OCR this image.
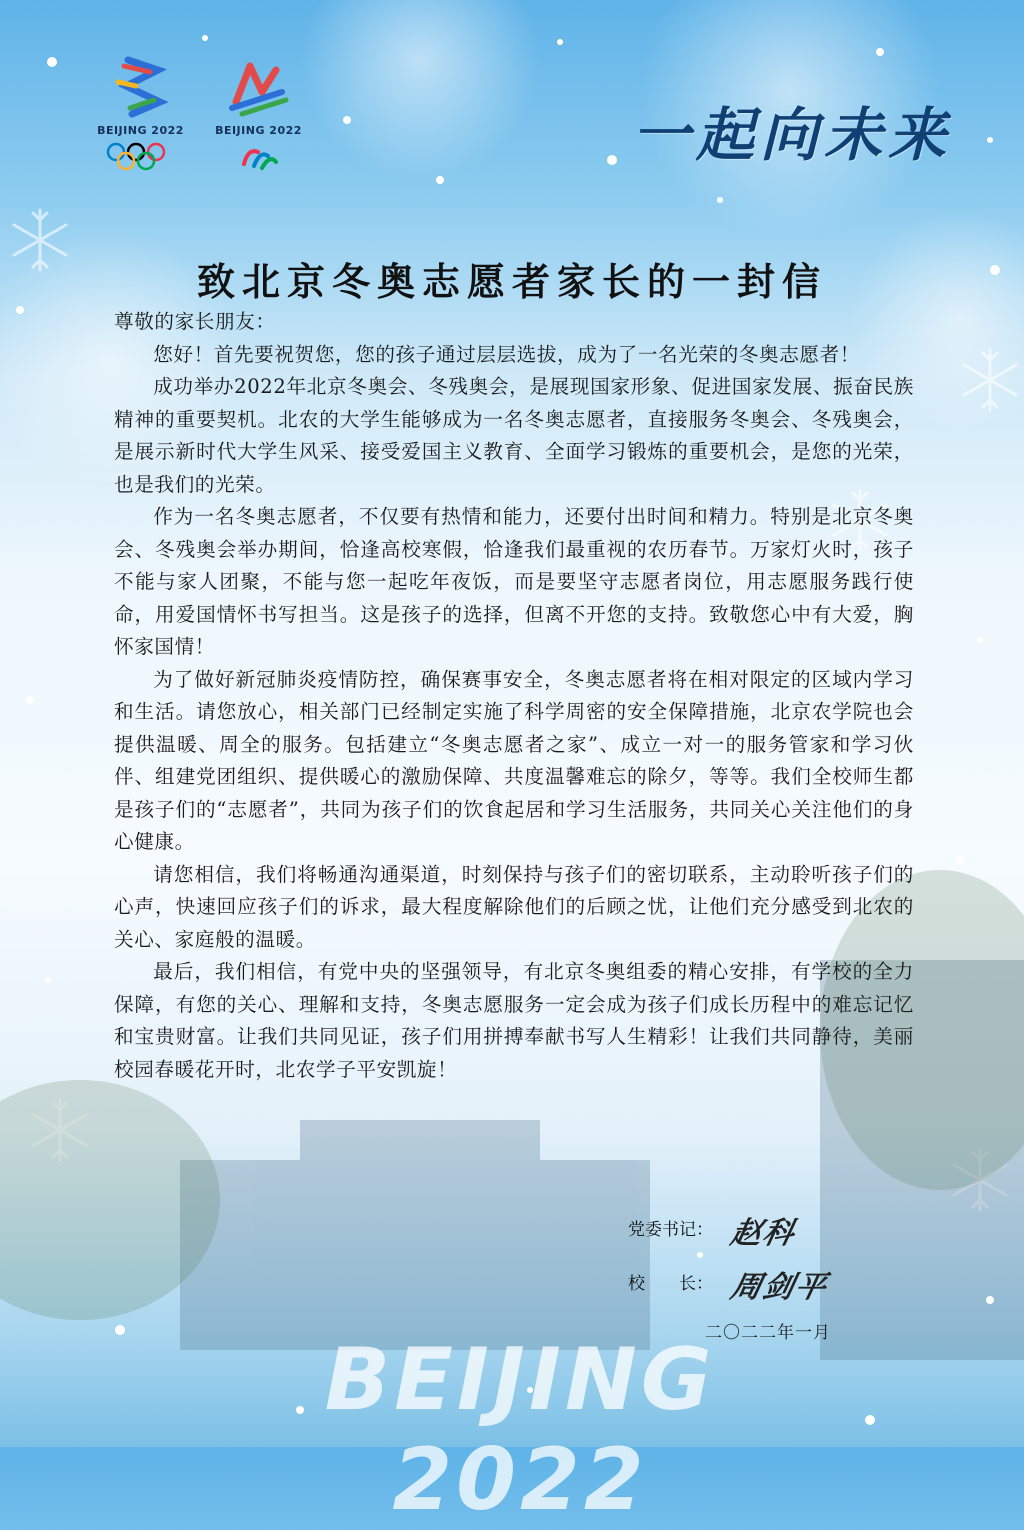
BEIJING 2022	BEIJING 2022	一起向未来
致北京冬奥志愿者家长的一封信

尊敬的家长朋友：

您好！首先要祝贺您，您的孩子通过层层选拔，成为了一名光荣的冬奥志愿者！

成功举办2022年北京冬奥会、冬残奥会，是展现国家形象、促进国家发展、振奋民族精神的重要契机。北农的大学生能够成为一名冬奥志愿者，直接服务冬奥会、冬残奥会，是展示新时代大学生风采、接受爱国主义教育、全面学习锻炼的重要机会，是您的光荣，也是我们的光荣。

作为一名冬奥志愿者，不仅要有热情和能力，还要付出时间和精力。特别是北京冬奥会、冬残奥会举办期间，恰逢高校寒假，恰逢我们最重视的农历春节。万家灯火时，孩子不能与家人团聚，不能与您一起吃年夜饭，而是要坚守志愿者岗位，用志愿服务践行使命，用爱国情怀书写担当。这是孩子的选择，但离不开您的支持。致敬您心中有大爱，胸怀家国情！

为了做好新冠肺炎疫情防控，确保赛事安全，冬奥志愿者将在相对限定的区域内学习和生活。请您放心，相关部门已经制定实施了科学周密的安全保障措施，北京农学院也会提供温暖、周全的服务。包括建立“冬奥志愿者之家”、成立一对一的服务管家和学习伙伴、组建党团组织、提供暖心的激励保障、共度温馨难忘的除夕，等等。我们全校师生都是孩子们的“志愿者”，共同为孩子们的饮食起居和学习生活服务，共同关心关注他们的身心健康。

请您相信，我们将畅通沟通渠道，时刻保持与孩子们的密切联系，主动聆听孩子们的心声，快速回应孩子们的诉求，最大程度解除他们的后顾之忧，让他们充分感受到北农的关心、家庭般的温暖。

最后，我们相信，有党中央的坚强领导，有北京冬奥组委的精心安排，有学校的全力保障，有您的关心、理解和支持，冬奥志愿服务一定会成为孩子们成长历程中的难忘记忆和宝贵财富。让我们共同见证，孩子们用拼搏奉献书写人生精彩！让我们共同静待，美丽校园春暖花开时，北农学子平安凯旋！

党委书记： 赵科
校　　长： 周剑平
二〇二二年一月
BEIJING 2022
